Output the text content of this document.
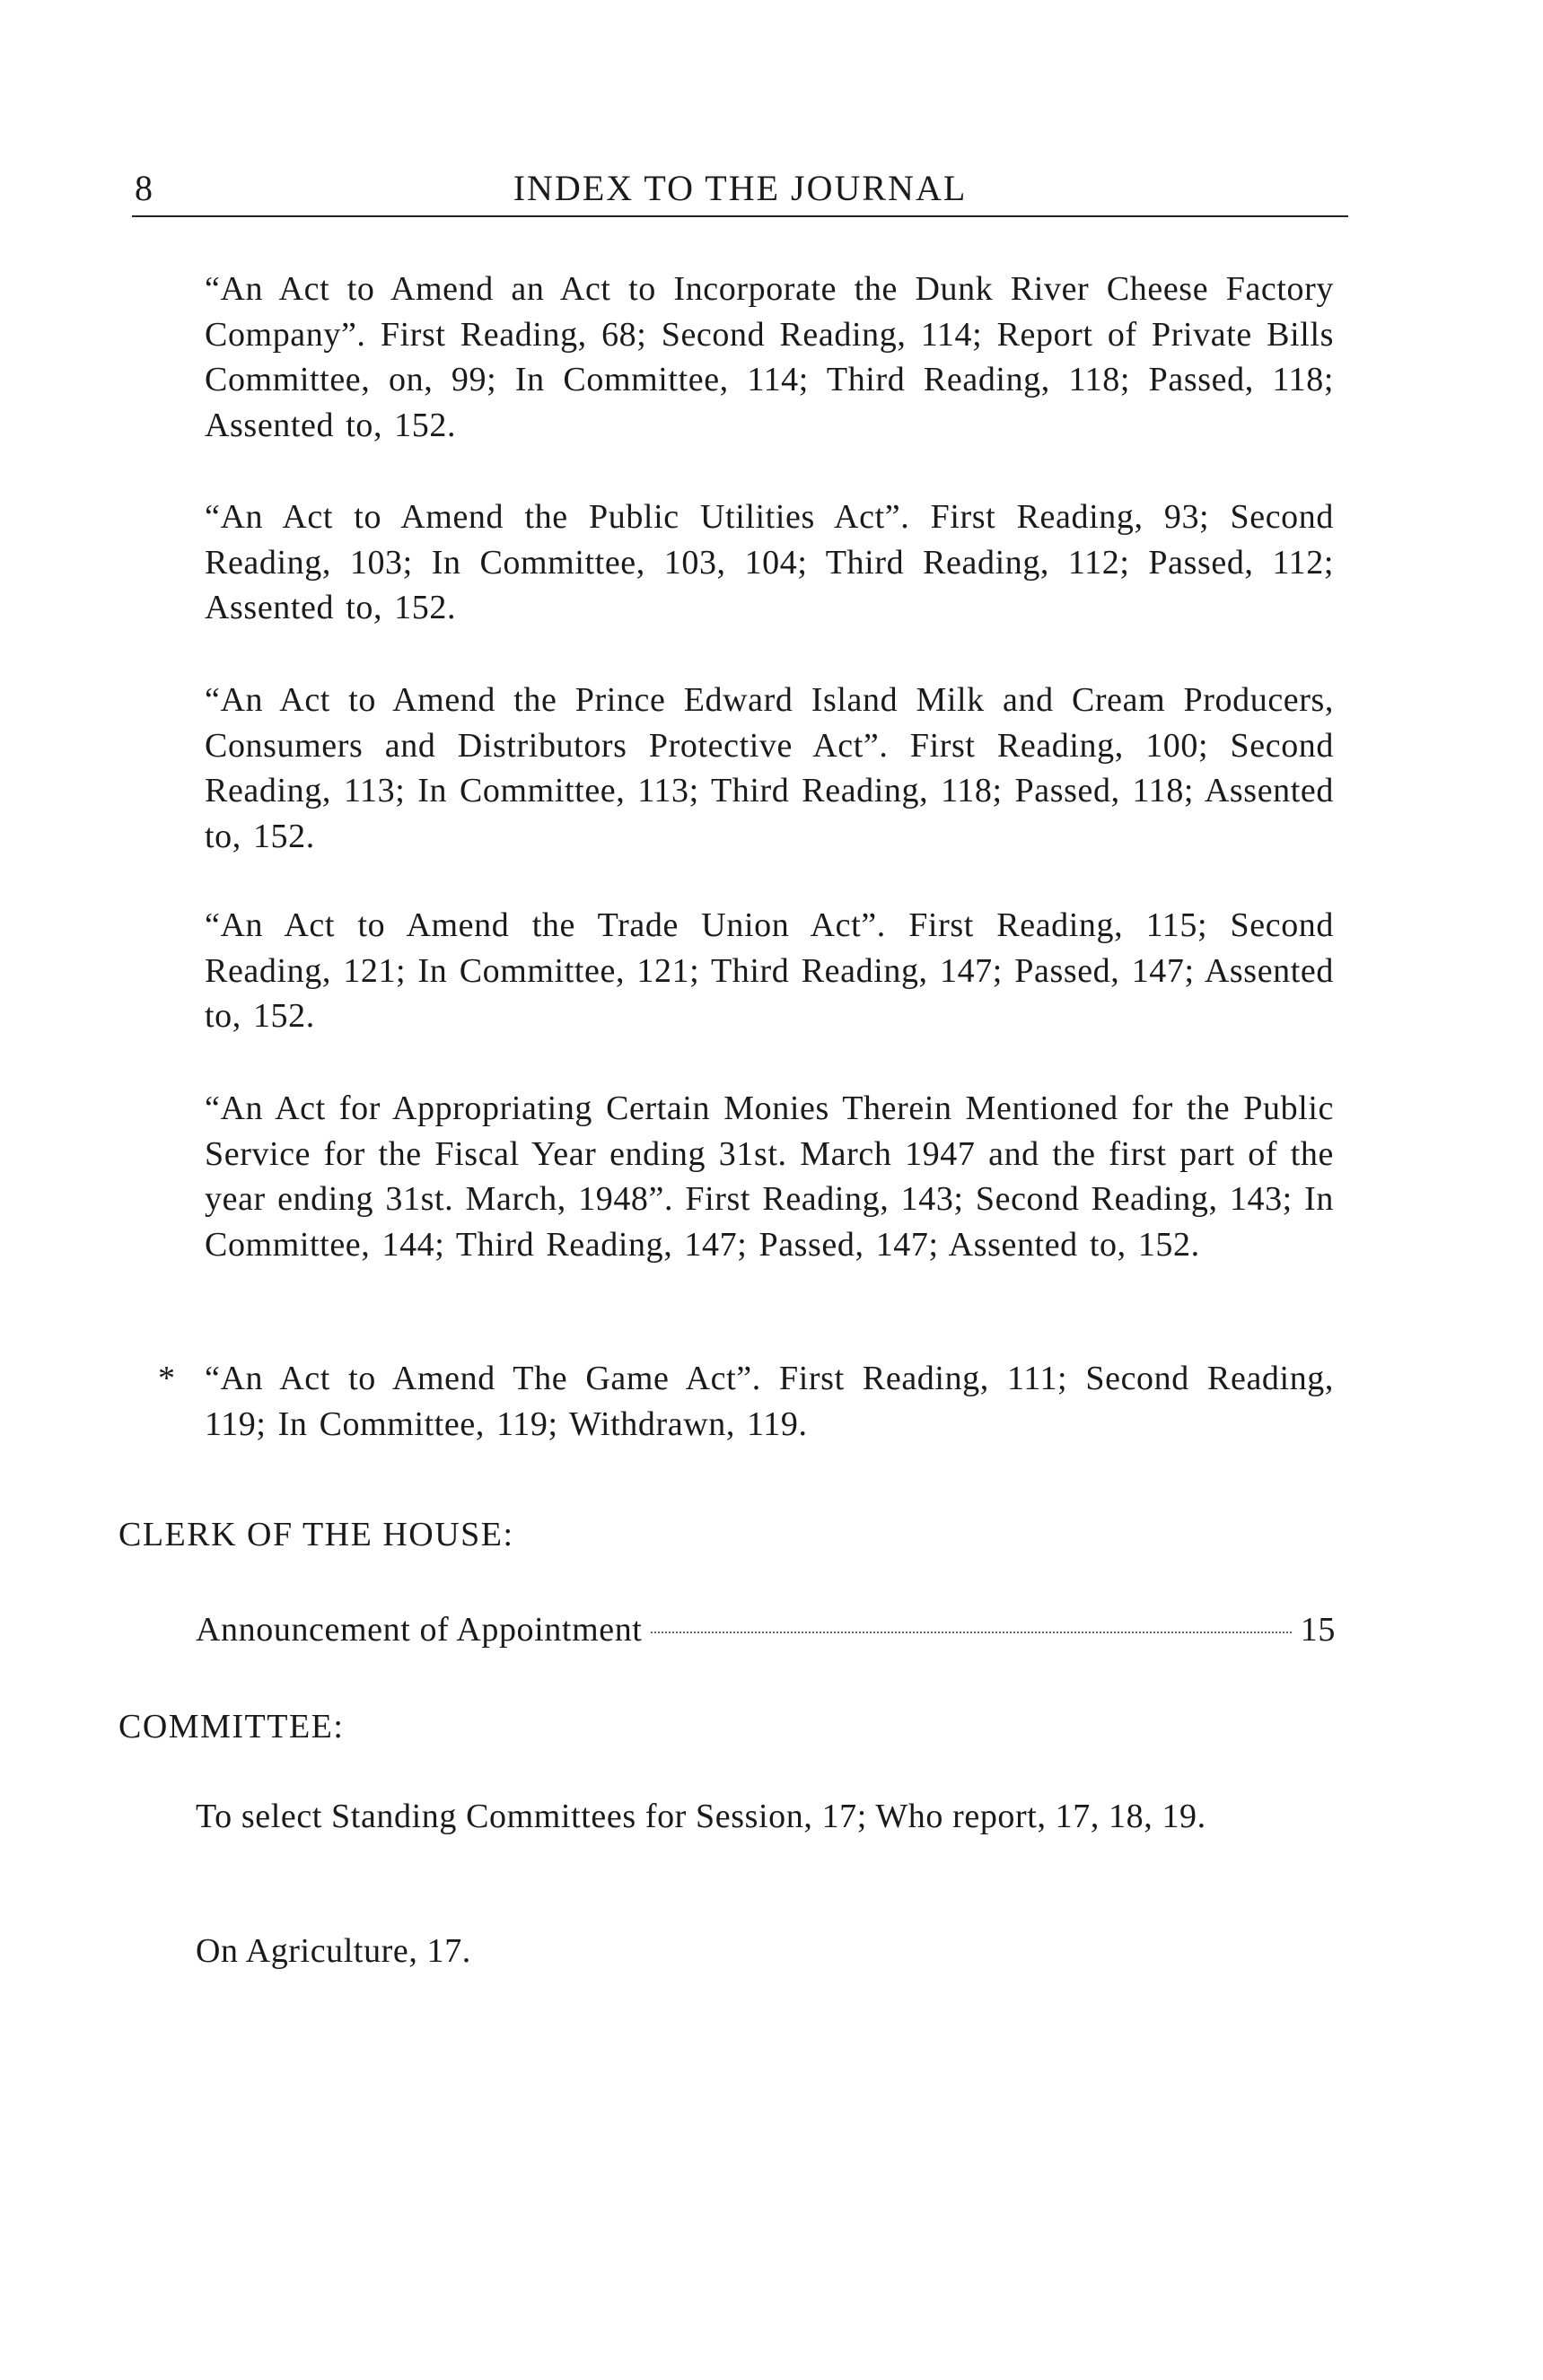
8	INDEX TO THE JOURNAL
“An Act to Amend an Act to Incorporate the Dunk River Cheese Factory Company”. First Reading, 68; Second Reading, 114; Report of Private Bills Committee, on, 99; In Committee, 114; Third Reading, 118; Passed, 118; Assented to, 152.
“An Act to Amend the Public Utilities Act”. First Reading, 93; Second Reading, 103; In Committee, 103, 104; Third Reading, 112; Passed, 112; Assented to, 152.
“An Act to Amend the Prince Edward Island Milk and Cream Producers, Consumers and Distributors Protective Act”. First Reading, 100; Second Reading, 113; In Committee, 113; Third Reading, 118; Passed, 118; Assented to, 152.
“An Act to Amend the Trade Union Act”. First Reading, 115; Second Reading, 121; In Committee, 121; Third Reading, 147; Passed, 147; Assented to, 152.
“An Act for Appropriating Certain Monies Therein Mentioned for the Public Service for the Fiscal Year ending 31st. March 1947 and the first part of the year ending 31st. March, 1948”. First Reading, 143; Second Reading, 143; In Committee, 144; Third Reading, 147; Passed, 147; Assented to, 152.
* “An Act to Amend The Game Act”. First Reading, 111; Second Reading, 119; In Committee, 119; Withdrawn, 119.
CLERK OF THE HOUSE:
Announcement of Appointment	15
COMMITTEE:
To select Standing Committees for Session, 17; Who report, 17, 18, 19.
On Agriculture, 17.
